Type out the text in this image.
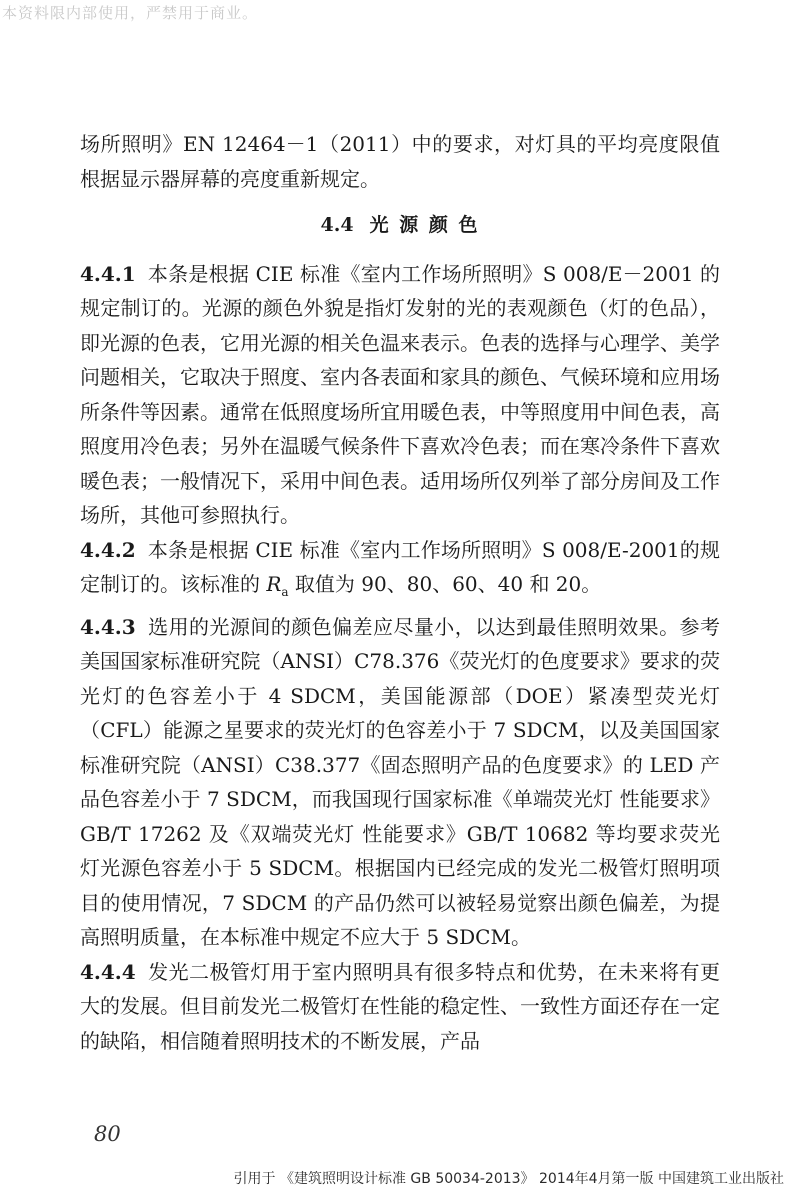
本资料限内部使用，严禁用于商业。

场所照明》EN 12464－1（2011）中的要求，对灯具的平均亮度限值根据显示器屏幕的亮度重新规定。

4.4 光 源 颜 色

4.4.1 本条是根据 CIE 标准《室内工作场所照明》S 008/E－2001 的规定制订的。光源的颜色外貌是指灯发射的光的表观颜色（灯的色品），即光源的色表，它用光源的相关色温来表示。色表的选择与心理学、美学问题相关，它取决于照度、室内各表面和家具的颜色、气候环境和应用场所条件等因素。通常在低照度场所宜用暖色表，中等照度用中间色表，高照度用冷色表；另外在温暖气候条件下喜欢冷色表；而在寒冷条件下喜欢暖色表；一般情况下，采用中间色表。适用场所仅列举了部分房间及工作场所，其他可参照执行。

4.4.2 本条是根据 CIE 标准《室内工作场所照明》S 008/E-2001的规定制订的。该标准的 $R_a$ 取值为 90、80、60、40 和 20。

4.4.3 选用的光源间的颜色偏差应尽量小，以达到最佳照明效果。参考美国国家标准研究院（ANSI）C78.376《荧光灯的色度要求》要求的荧光灯的色容差小于 4 SDCM，美国能源部（DOE）紧凑型荧光灯（CFL）能源之星要求的荧光灯的色容差小于 7 SDCM，以及美国国家标准研究院（ANSI）C38.377《固态照明产品的色度要求》的 LED 产品色容差小于 7 SDCM，而我国现行国家标准《单端荧光灯 性能要求》GB/T 17262 及《双端荧光灯 性能要求》GB/T 10682 等均要求荧光灯光源色容差小于 5 SDCM。根据国内已经完成的发光二极管灯照明项目的使用情况，7 SDCM 的产品仍然可以被轻易觉察出颜色偏差，为提高照明质量，在本标准中规定不应大于 5 SDCM。

4.4.4 发光二极管灯用于室内照明具有很多特点和优势，在未来将有更大的发展。但目前发光二极管灯在性能的稳定性、一致性方面还存在一定的缺陷，相信随着照明技术的不断发展，产品

80
引用于 《建筑照明设计标准 GB 50034-2013》 2014年4月第一版 中国建筑工业出版社
